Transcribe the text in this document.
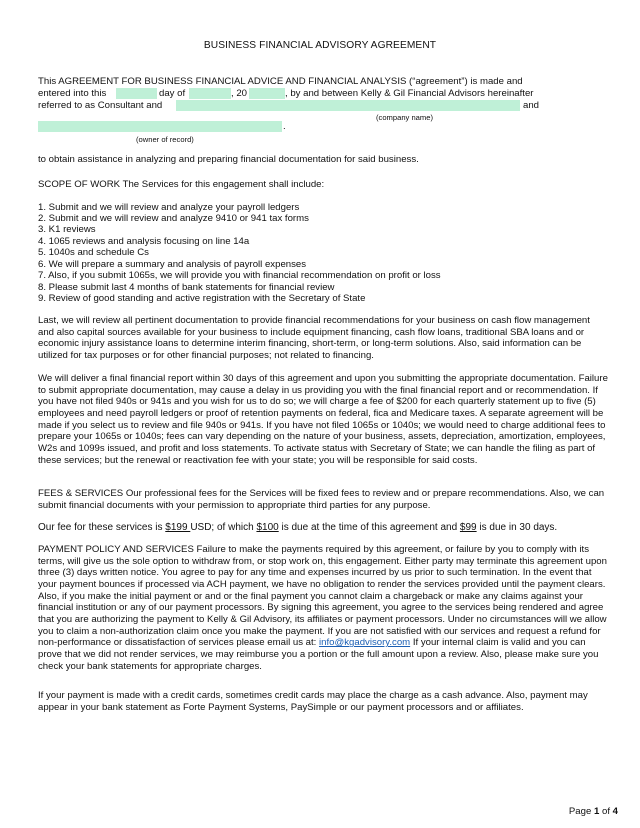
BUSINESS FINANCIAL ADVISORY AGREEMENT
This AGREEMENT FOR BUSINESS FINANCIAL ADVICE AND FINANCIAL ANALYSIS (“agreement”) is made and
entered into this	day of	, 20	, by and between Kelly & Gil Financial Advisors hereinafter
referred to as Consultant and	and
(company name)
.
(owner of record)
to obtain assistance in analyzing and preparing financial documentation for said business.
SCOPE OF WORK The Services for this engagement shall include:
1. Submit and we will review and analyze your payroll ledgers
2. Submit and we will review and analyze 9410 or 941 tax forms
3. K1 reviews
4. 1065 reviews and analysis focusing on line 14a
5. 1040s and schedule Cs
6. We will prepare a summary and analysis of payroll expenses
7. Also, if you submit 1065s, we will provide you with financial recommendation on profit or loss
8. Please submit last 4 months of bank statements for financial review
9. Review of good standing and active registration with the Secretary of State
Last, we will review all pertinent documentation to provide financial recommendations for your business on cash flow management and also capital sources available for your business to include equipment financing, cash flow loans, traditional SBA loans and or economic injury assistance loans to determine interim financing, short-term, or long-term solutions. Also, said information can be utilized for tax purposes or for other financial purposes; not related to financing.
We will deliver a final financial report within 30 days of this agreement and upon you submitting the appropriate documentation. Failure to submit appropriate documentation, may cause a delay in us providing you with the final financial report and or recommendation. If you have not filed 940s or 941s and you wish for us to do so; we will charge a fee of $200 for each quarterly statement up to five (5) employees and need payroll ledgers or proof of retention payments on federal, fica and Medicare taxes. A separate agreement will be made if you select us to review and file 940s or 941s. If you have not filed 1065s or 1040s; we would need to charge additional fees to prepare your 1065s or 1040s; fees can vary depending on the nature of your business, assets, depreciation, amortization, employees, W2s and 1099s issued, and profit and loss statements. To activate status with Secretary of State; we can handle the filing as part of these services; but the renewal or reactivation fee with your state; you will be responsible for said costs.
FEES & SERVICES Our professional fees for the Services will be fixed fees to review and or prepare recommendations. Also, we can submit financial documents with your permission to appropriate third parties for any purpose.
Our fee for these services is $199 USD; of which $100 is due at the time of this agreement and $99 is due in 30 days.
PAYMENT POLICY AND SERVICES Failure to make the payments required by this agreement, or failure by you to comply with its terms, will give us the sole option to withdraw from, or stop work on, this engagement. Either party may terminate this agreement upon three (3) days written notice. You agree to pay for any time and expenses incurred by us prior to such termination. In the event that your payment bounces if processed via ACH payment, we have no obligation to render the services provided until the payment clears. Also, if you make the initial payment or and or the final payment you cannot claim a chargeback or make any claims against your financial institution or any of our payment processors. By signing this agreement, you agree to the services being rendered and agree that you are authorizing the payment to Kelly & Gil Advisory, its affiliates or payment processors. Under no circumstances will we allow you to claim a non-authorization claim once you make the payment. If you are not satisfied with our services and request a refund for non-performance or dissatisfaction of services please email us at: info@kgadvisory.com If your internal claim is valid and you can prove that we did not render services, we may reimburse you a portion or the full amount upon a review. Also, please make sure you check your bank statements for appropriate charges.
If your payment is made with a credit cards, sometimes credit cards may place the charge as a cash advance. Also, payment may appear in your bank statement as Forte Payment Systems, PaySimple or our payment processors and or affiliates.
Page 1 of 4
